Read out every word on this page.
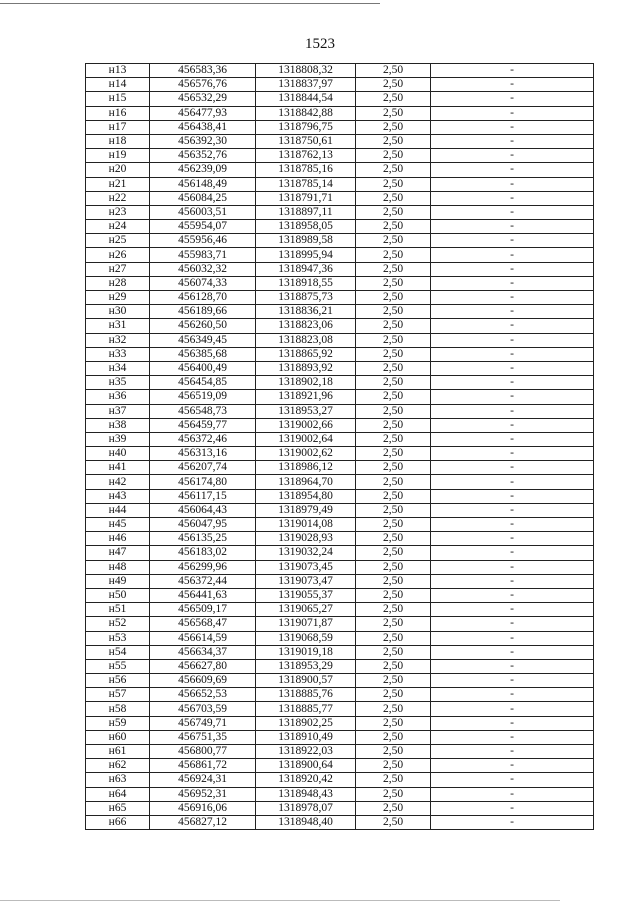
1523
н13	456583,36	1318808,32	2,50	-
н14	456576,76	1318837,97	2,50	-
н15	456532,29	1318844,54	2,50	-
н16	456477,93	1318842,88	2,50	-
н17	456438,41	1318796,75	2,50	-
н18	456392,30	1318750,61	2,50	-
н19	456352,76	1318762,13	2,50	-
н20	456239,09	1318785,16	2,50	-
н21	456148,49	1318785,14	2,50	-
н22	456084,25	1318791,71	2,50	-
н23	456003,51	1318897,11	2,50	-
н24	455954,07	1318958,05	2,50	-
н25	455956,46	1318989,58	2,50	-
н26	455983,71	1318995,94	2,50	-
н27	456032,32	1318947,36	2,50	-
н28	456074,33	1318918,55	2,50	-
н29	456128,70	1318875,73	2,50	-
н30	456189,66	1318836,21	2,50	-
н31	456260,50	1318823,06	2,50	-
н32	456349,45	1318823,08	2,50	-
н33	456385,68	1318865,92	2,50	-
н34	456400,49	1318893,92	2,50	-
н35	456454,85	1318902,18	2,50	-
н36	456519,09	1318921,96	2,50	-
н37	456548,73	1318953,27	2,50	-
н38	456459,77	1319002,66	2,50	-
н39	456372,46	1319002,64	2,50	-
н40	456313,16	1319002,62	2,50	-
н41	456207,74	1318986,12	2,50	-
н42	456174,80	1318964,70	2,50	-
н43	456117,15	1318954,80	2,50	-
н44	456064,43	1318979,49	2,50	-
н45	456047,95	1319014,08	2,50	-
н46	456135,25	1319028,93	2,50	-
н47	456183,02	1319032,24	2,50	-
н48	456299,96	1319073,45	2,50	-
н49	456372,44	1319073,47	2,50	-
н50	456441,63	1319055,37	2,50	-
н51	456509,17	1319065,27	2,50	-
н52	456568,47	1319071,87	2,50	-
н53	456614,59	1319068,59	2,50	-
н54	456634,37	1319019,18	2,50	-
н55	456627,80	1318953,29	2,50	-
н56	456609,69	1318900,57	2,50	-
н57	456652,53	1318885,76	2,50	-
н58	456703,59	1318885,77	2,50	-
н59	456749,71	1318902,25	2,50	-
н60	456751,35	1318910,49	2,50	-
н61	456800,77	1318922,03	2,50	-
н62	456861,72	1318900,64	2,50	-
н63	456924,31	1318920,42	2,50	-
н64	456952,31	1318948,43	2,50	-
н65	456916,06	1318978,07	2,50	-
н66	456827,12	1318948,40	2,50	-
